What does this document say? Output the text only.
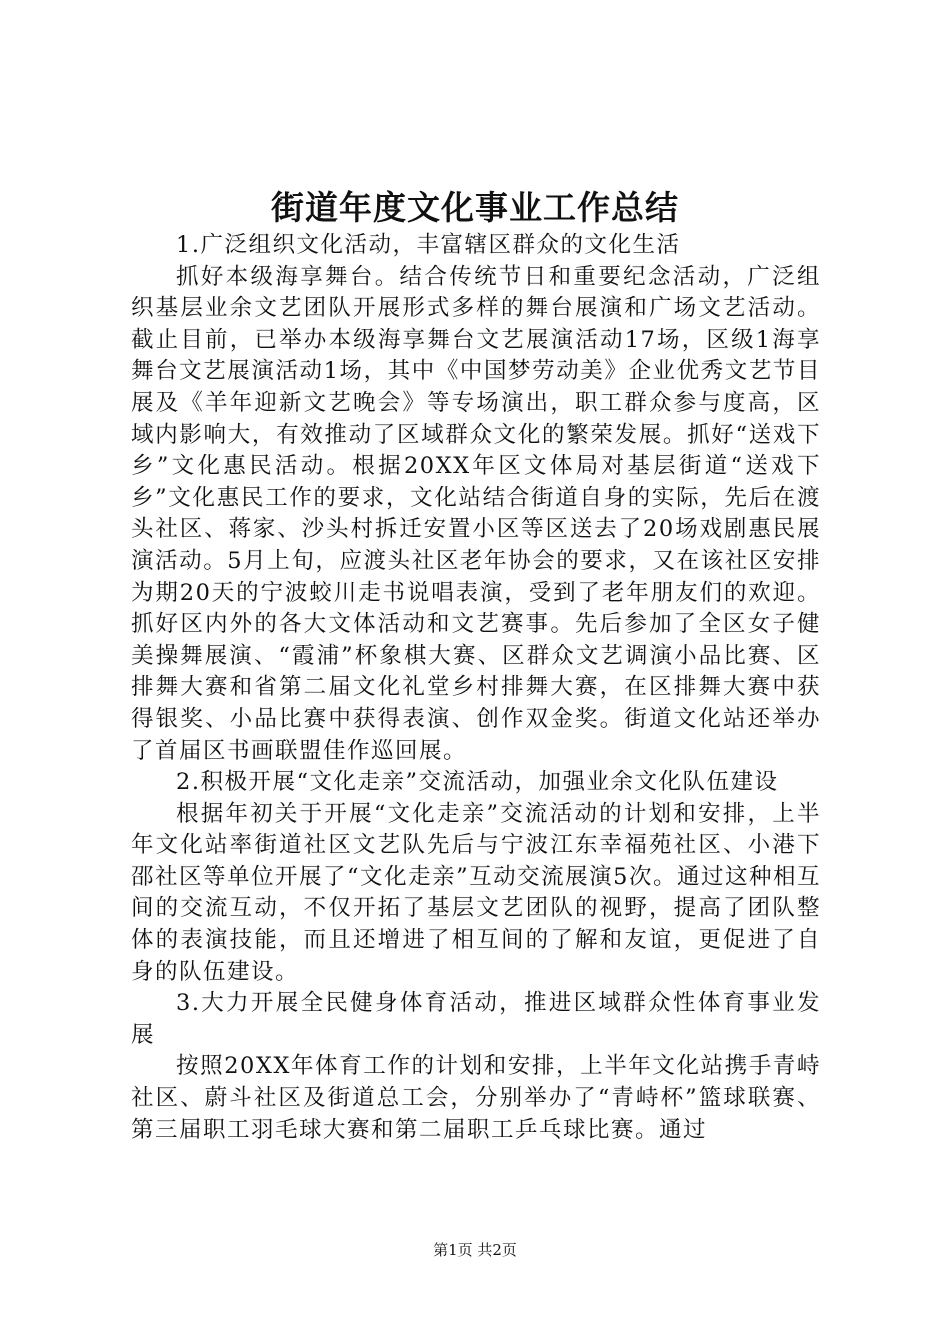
街道年度文化事业工作总结

1.广泛组织文化活动，丰富辖区群众的文化生活

抓好本级海享舞台。结合传统节日和重要纪念活动，广泛组织基层业余文艺团队开展形式多样的舞台展演和广场文艺活动。截止目前，已举办本级海享舞台文艺展演活动17场，区级1海享舞台文艺展演活动1场，其中《中国梦劳动美》企业优秀文艺节目展及《羊年迎新文艺晚会》等专场演出，职工群众参与度高，区域内影响大，有效推动了区域群众文化的繁荣发展。抓好“送戏下乡”文化惠民活动。根据20XX年区文体局对基层街道“送戏下乡”文化惠民工作的要求，文化站结合街道自身的实际，先后在渡头社区、蒋家、沙头村拆迁安置小区等区送去了20场戏剧惠民展演活动。5月上旬，应渡头社区老年协会的要求，又在该社区安排为期20天的宁波蛟川走书说唱表演，受到了老年朋友们的欢迎。抓好区内外的各大文体活动和文艺赛事。先后参加了全区女子健美操舞展演、“霞浦”杯象棋大赛、区群众文艺调演小品比赛、区排舞大赛和省第二届文化礼堂乡村排舞大赛，在区排舞大赛中获得银奖、小品比赛中获得表演、创作双金奖。街道文化站还举办了首届区书画联盟佳作巡回展。

2.积极开展“文化走亲”交流活动，加强业余文化队伍建设

根据年初关于开展“文化走亲”交流活动的计划和安排，上半年文化站率街道社区文艺队先后与宁波江东幸福苑社区、小港下邵社区等单位开展了“文化走亲”互动交流展演5次。通过这种相互间的交流互动，不仅开拓了基层文艺团队的视野，提高了团队整体的表演技能，而且还增进了相互间的了解和友谊，更促进了自身的队伍建设。

3.大力开展全民健身体育活动，推进区域群众性体育事业发展

按照20XX年体育工作的计划和安排，上半年文化站携手青峙社区、蔚斗社区及街道总工会，分别举办了“青峙杯”篮球联赛、第三届职工羽毛球大赛和第二届职工乒乓球比赛。通过

第1页 共2页
